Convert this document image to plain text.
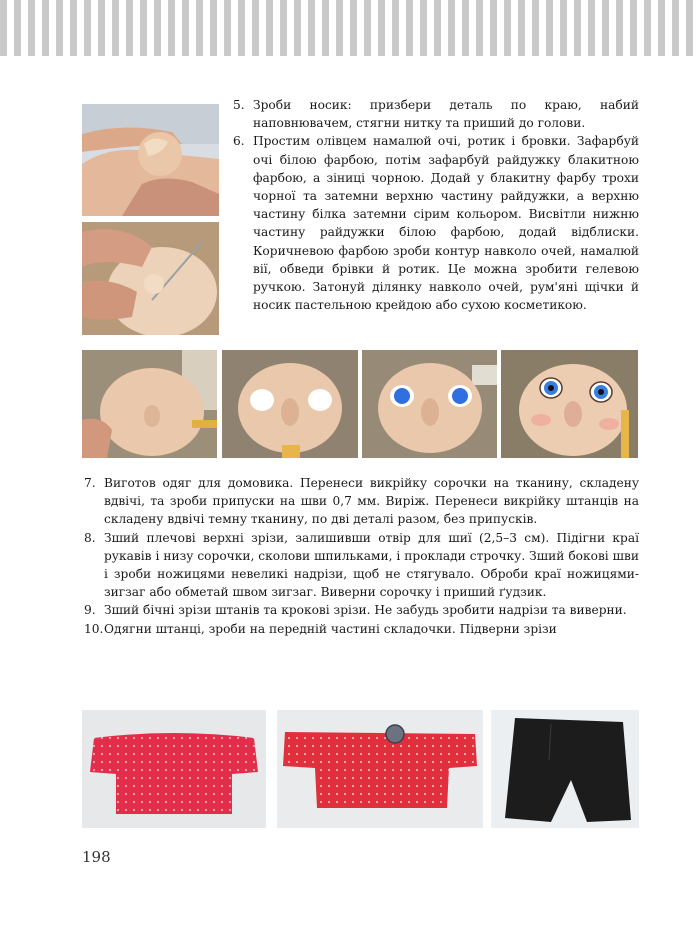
5. Зроби носик: призбери деталь по краю, набий наповнювачем, стягни нитку та приший до голови.
6. Простим олівцем намалюй очі, ротик і бровки. Зафарбуй очі білою фарбою, потім зафарбуй райдужку блакитною фарбою, а зіниці чорною. Додай у блакитну фарбу трохи чорної та затемни верхню частину райдужки, а верхню частину білка затемни сірим кольором. Висвітли нижню частину райдужки білою фарбою, додай відблиски. Коричневою фарбою зроби контур навколо очей, намалюй вії, обведи брівки й ротик. Це можна зробити гелевою ручкою. Затонуй ділянку навколо очей, рум'яні щічки й носик пастельною крейдою або сухою косметикою.
7. Виготов одяг для домовика. Перенеси викрійку сорочки на тканину, складену вдвічі, та зроби припуски на шви 0,7 мм. Виріж. Перенеси викрійку штанців на складену вдвічі темну тканину, по дві деталі разом, без припусків.
8. Зший плечові верхні зрізи, залишивши отвір для шиї (2,5–3 см). Підігни краї рукавів і низу сорочки, сколови шпильками, і проклади строчку. Зший бокові шви і зроби ножицями невеликі надрізи, щоб не стягувало. Оброби краї ножицями-зигзаг або обметай швом зигзаг. Виверни сорочку і приший ґудзик.
9. Зший бічні зрізи штанів та крокові зрізи. Не забудь зробити надрізи та виверни.
10. Одягни штанці, зроби на передній частині складочки. Підверни зрізи
198
